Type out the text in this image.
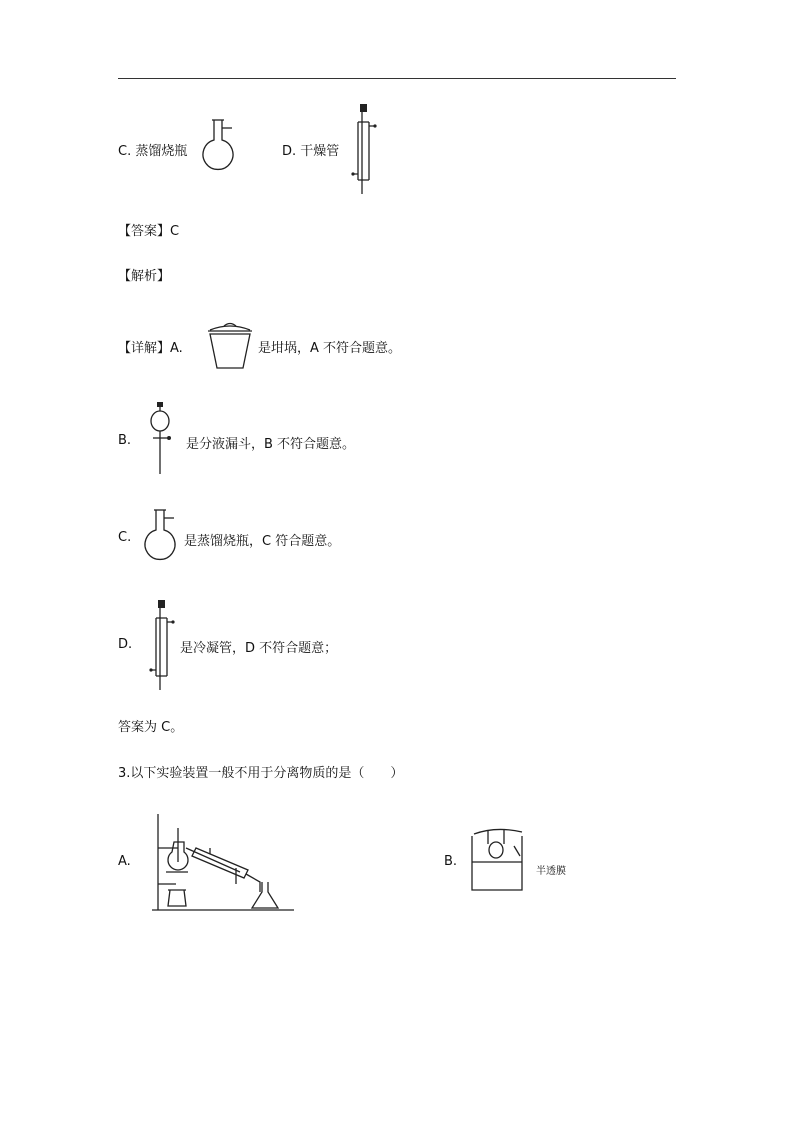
C. 蒸馏烧瓶	D. 干燥管
【答案】C
【解析】
【详解】A.	是坩埚，A 不符合题意。
B.	是分液漏斗，B 不符合题意。
C.	是蒸馏烧瓶，C 符合题意。
D.	是冷凝管，D 不符合题意；
答案为 C。
3.以下实验装置一般不用于分离物质的是（　　）
A.	B.
半透膜
